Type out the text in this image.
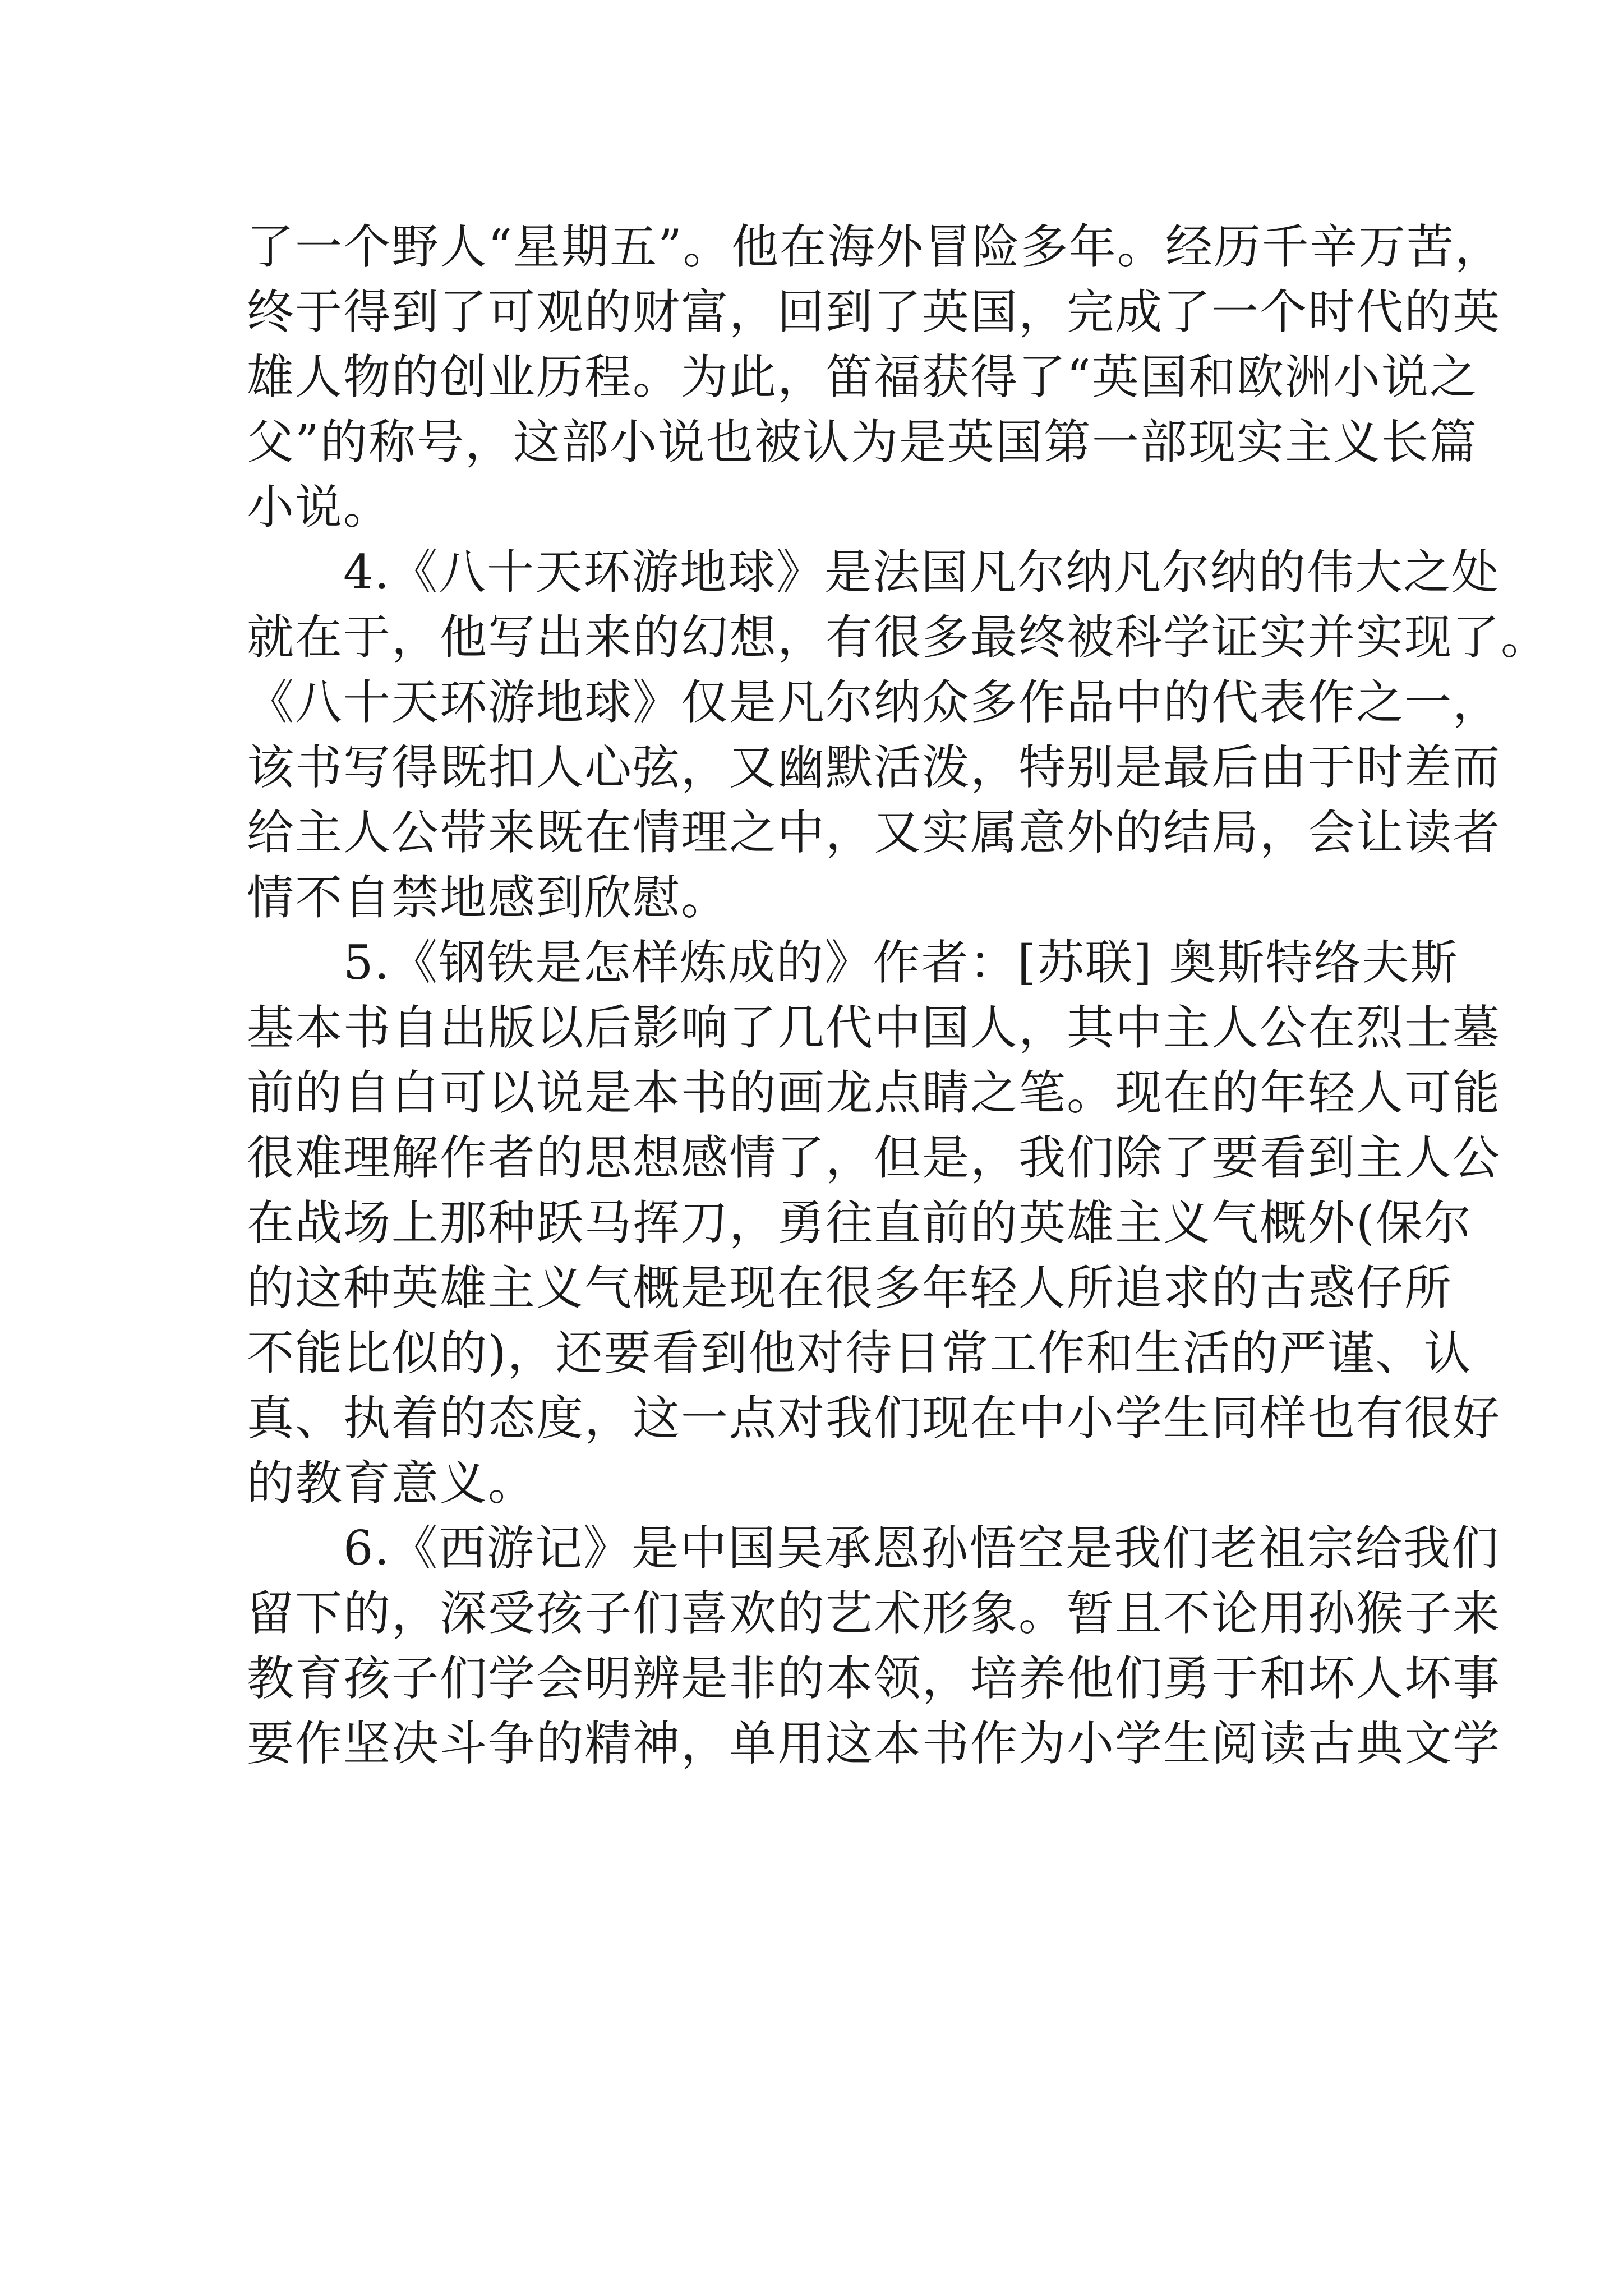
了一个野人“星期五”。他在海外冒险多年。经历千辛万苦，
终于得到了可观的财富，回到了英国，完成了一个时代的英
雄人物的创业历程。为此，笛福获得了“英国和欧洲小说之
父”的称号，这部小说也被认为是英国第一部现实主义长篇
小说。
4.《八十天环游地球》是法国凡尔纳凡尔纳的伟大之处
就在于，他写出来的幻想，有很多最终被科学证实并实现了。
《八十天环游地球》仅是凡尔纳众多作品中的代表作之一，
该书写得既扣人心弦，又幽默活泼，特别是最后由于时差而
给主人公带来既在情理之中，又实属意外的结局，会让读者
情不自禁地感到欣慰。
5.《钢铁是怎样炼成的》作者：[苏联] 奥斯特络夫斯
基本书自出版以后影响了几代中国人，其中主人公在烈士墓
前的自白可以说是本书的画龙点睛之笔。现在的年轻人可能
很难理解作者的思想感情了，但是，我们除了要看到主人公
在战场上那种跃马挥刀，勇往直前的英雄主义气概外(保尔
的这种英雄主义气概是现在很多年轻人所追求的古惑仔所
不能比似的)，还要看到他对待日常工作和生活的严谨、认
真、执着的态度，这一点对我们现在中小学生同样也有很好
的教育意义。
6.《西游记》是中国吴承恩孙悟空是我们老祖宗给我们
留下的，深受孩子们喜欢的艺术形象。暂且不论用孙猴子来
教育孩子们学会明辨是非的本领，培养他们勇于和坏人坏事
要作坚决斗争的精神，单用这本书作为小学生阅读古典文学
